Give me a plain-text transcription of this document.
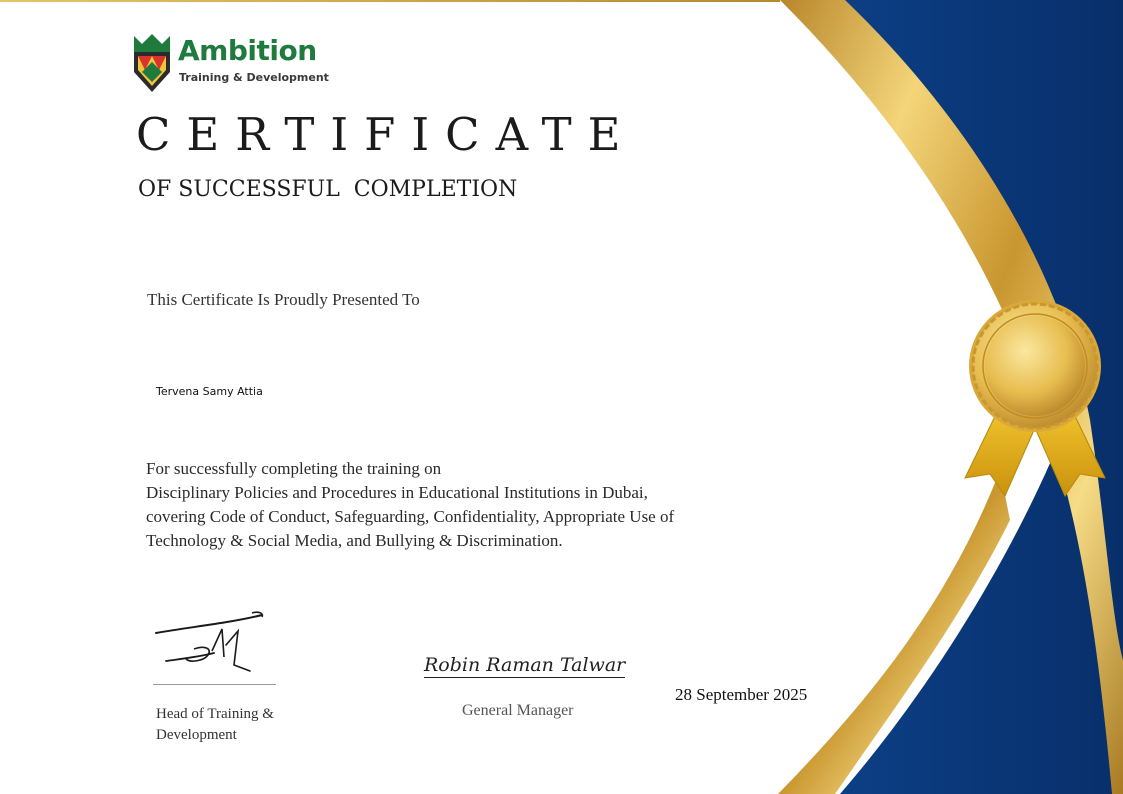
Ambition
Training & Development
CERTIFICATE
OF SUCCESSFUL  COMPLETION
This Certificate Is Proudly Presented To
Tervena Samy Attia
For successfully completing the training on
Disciplinary Policies and Procedures in Educational Institutions in Dubai,
covering Code of Conduct, Safeguarding, Confidentiality, Appropriate Use of
Technology & Social Media, and Bullying & Discrimination.
Head of Training & Development
Robin Raman Talwar
General Manager
28 September 2025
